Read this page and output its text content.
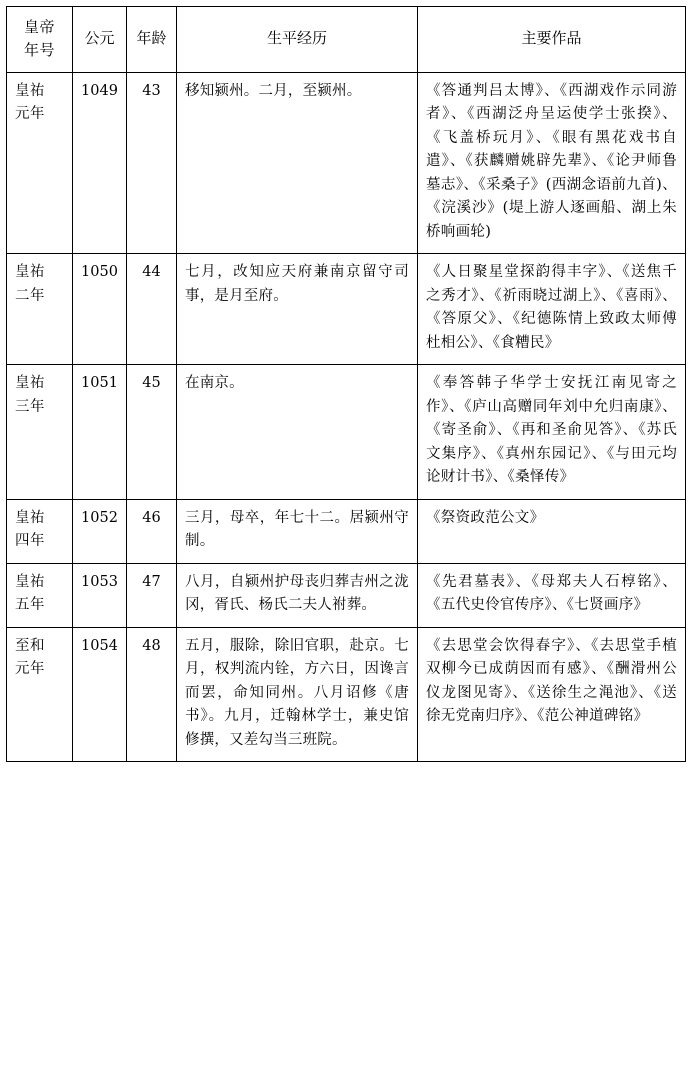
皇帝
年号	公元	年龄	生平经历	主要作品
皇祐
元年	1049	43	移知颍州。二月，至颍州。	《答通判吕太博》、《西湖戏作示同游者》、《西湖泛舟呈运使学士张揆》、《飞盖桥玩月》、《眼有黑花戏书自遣》、《获麟赠姚辟先辈》、《论尹师鲁墓志》、《采桑子》(西湖念语前九首)、《浣溪沙》(堤上游人逐画船、湖上朱桥响画轮)
皇祐
二年	1050	44	七月，改知应天府兼南京留守司事，是月至府。	《人日聚星堂探韵得丰字》、《送焦千之秀才》、《祈雨晓过湖上》、《喜雨》、《答原父》、《纪德陈情上致政太师傅杜相公》、《食糟民》
皇祐
三年	1051	45	在南京。	《奉答韩子华学士安抚江南见寄之作》、《庐山高赠同年刘中允归南康》、《寄圣俞》、《再和圣俞见答》、《苏氏文集序》、《真州东园记》、《与田元均论财计书》、《桑怿传》
皇祐
四年	1052	46	三月，母卒，年七十二。居颍州守制。	《祭资政范公文》
皇祐
五年	1053	47	八月，自颍州护母丧归葬吉州之泷冈，胥氏、杨氏二夫人祔葬。	《先君墓表》、《母郑夫人石椁铭》、《五代史伶官传序》、《七贤画序》
至和
元年	1054	48	五月，服除，除旧官职，赴京。七月，权判流内铨，方六日，因谗言而罢，命知同州。八月诏修《唐书》。九月，迁翰林学士，兼史馆修撰，又差勾当三班院。	《去思堂会饮得春字》、《去思堂手植双柳今已成荫因而有感》、《酬滑州公仪龙图见寄》、《送徐生之渑池》、《送徐无党南归序》、《范公神道碑铭》
